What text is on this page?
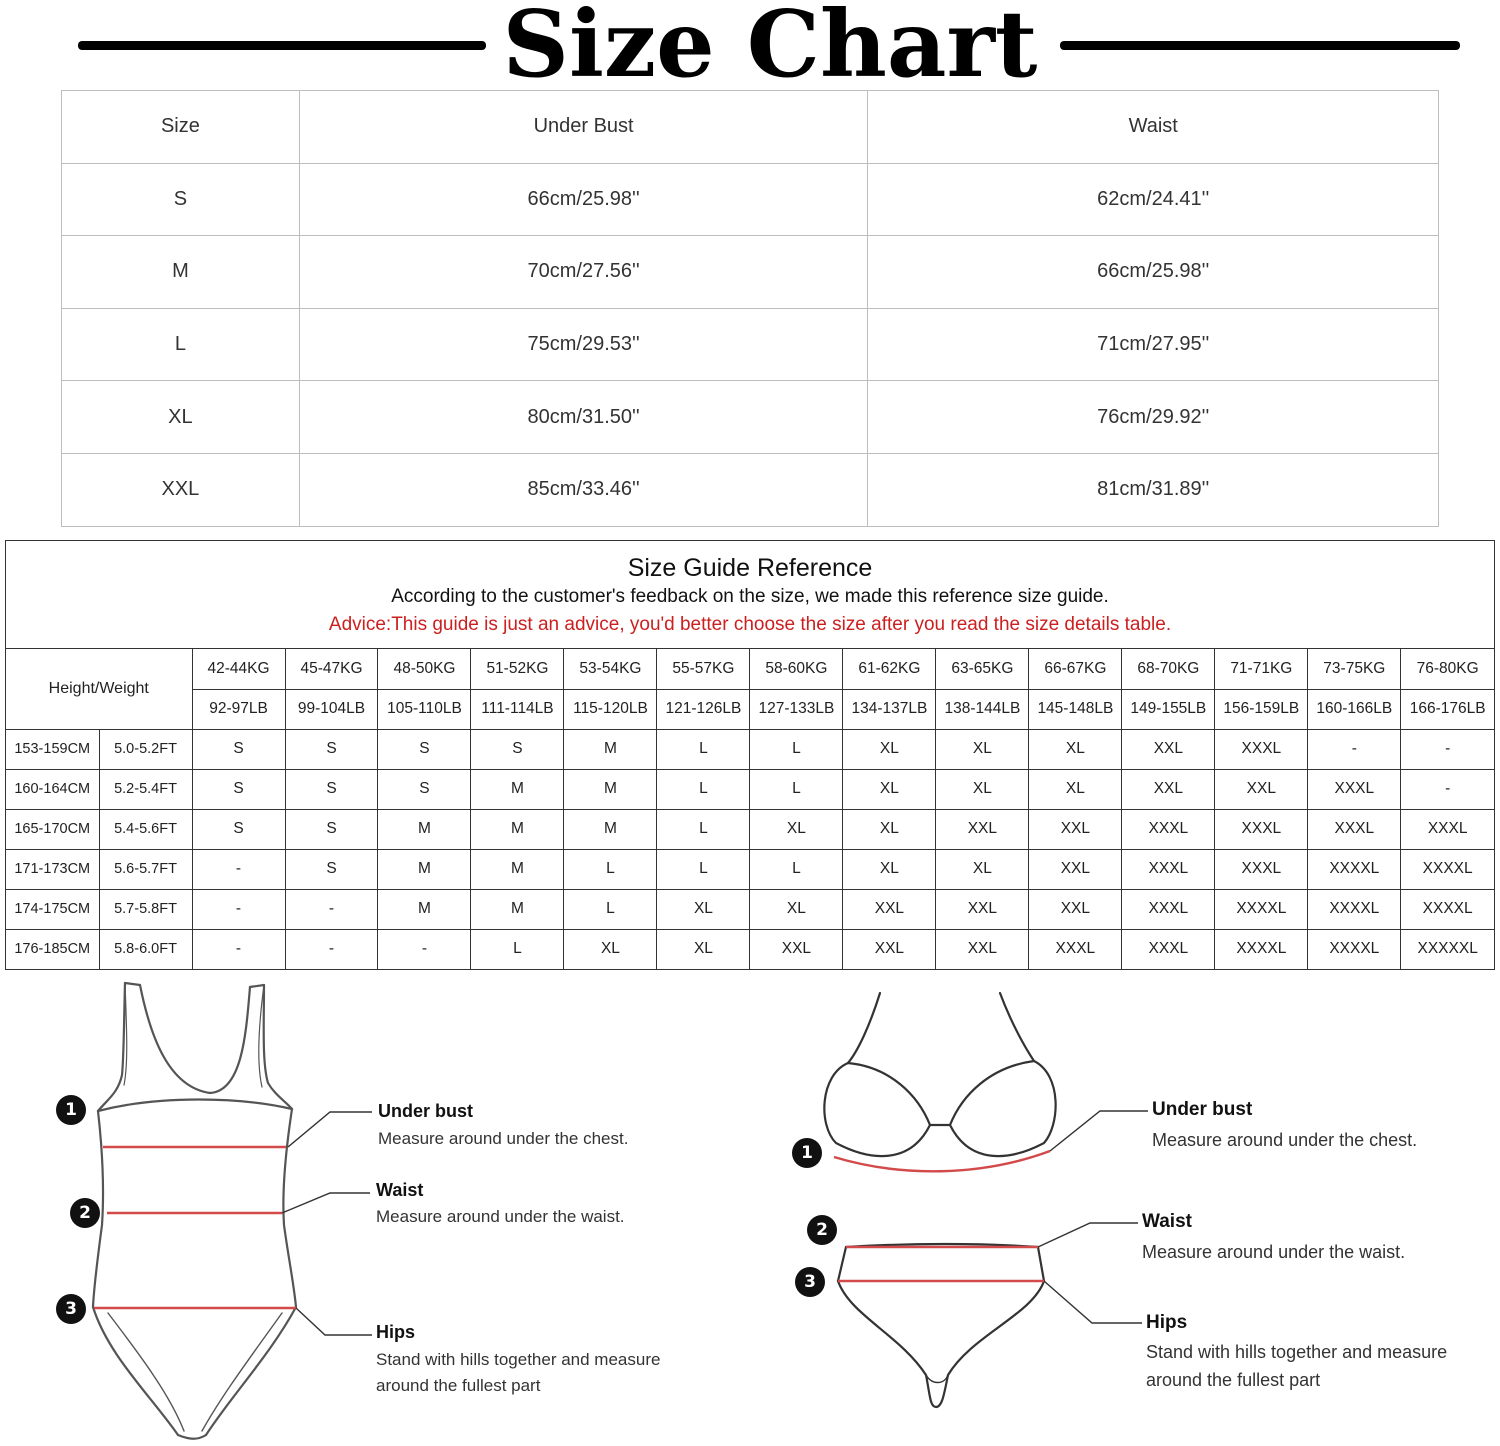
Size Chart
Size	Under Bust	Waist
S	66cm/25.98''	62cm/24.41''
M	70cm/27.56''	66cm/25.98''
L	75cm/29.53''	71cm/27.95''
XL	80cm/31.50''	76cm/29.92''
XXL	85cm/33.46''	81cm/31.89''
Size Guide Reference
According to the customer's feedback on the size, we made this reference size guide.
Advice:This guide is just an advice, you'd better choose the size after you read the size details table.
Height/Weight		42-44KG	45-47KG	48-50KG	51-52KG	53-54KG	55-57KG	58-60KG	61-62KG	63-65KG	66-67KG	68-70KG	71-71KG	73-75KG	76-80KG
		92-97LB	99-104LB	105-110LB	111-114LB	115-120LB	121-126LB	127-133LB	134-137LB	138-144LB	145-148LB	149-155LB	156-159LB	160-166LB	166-176LB
153-159CM	5.0-5.2FT	S	S	S	S	M	L	L	XL	XL	XL	XXL	XXXL	-	-
160-164CM	5.2-5.4FT	S	S	S	M	M	L	L	XL	XL	XL	XXL	XXL	XXXL	-
165-170CM	5.4-5.6FT	S	S	M	M	M	L	XL	XL	XXL	XXL	XXXL	XXXL	XXXL	XXXL
171-173CM	5.6-5.7FT	-	S	M	M	L	L	L	XL	XL	XXL	XXXL	XXXL	XXXXL	XXXXL
174-175CM	5.7-5.8FT	-	-	M	M	L	XL	XL	XXL	XXL	XXL	XXXL	XXXXL	XXXXL	XXXXL
176-185CM	5.8-6.0FT	-	-	-	L	XL	XL	XXL	XXL	XXL	XXXL	XXXL	XXXXL	XXXXL	XXXXXL
1
2
3
Under bust
Measure around under the chest.
Waist
Measure around under the waist.
Hips
Stand with hills together and measure
around the fullest part
1
2
3
Under bust
Measure around under the chest.
Waist
Measure around under the waist.
Hips
Stand with hills together and measure
around the fullest part
